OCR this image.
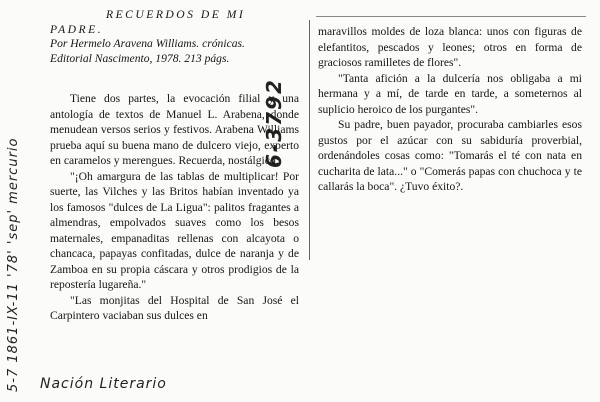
5-7 1861-IX-11 '78' 'sep' mercurio
6-3792
RECUERDOS DE MI PADRE.
Por Hermelo Aravena Williams. crónicas. Editorial Nascimento, 1978. 213 págs.

Tiene dos partes, la evocación filial y una antología de textos de Manuel L. Arabena, donde menudean versos serios y festivos. Arabena Williams prueba aquí su buena mano de dulcero viejo, experto en caramelos y merengues. Recuerda, nostálgico:

"¡Oh amargura de las tablas de multiplicar! Por suerte, las Vilches y las Britos habían inventado ya los famosos "dulces de La Ligua": palitos fragantes a almendras, empolvados suaves como los besos maternales, empanaditas rellenas con alcayota o chancaca, papayas confitadas, dulce de naranja y de Zamboa en su propia cáscara y otros prodigios de la repostería lugareña."

"Las monjitas del Hospital de San José el Carpintero vaciaban sus dulces en

maravillos moldes de loza blanca: unos con figuras de elefantitos, pescados y leones; otros en forma de graciosos ramilletes de flores".

"Tanta afición a la dulcería nos obligaba a mi hermana y a mí, de tarde en tarde, a someternos al suplicio heroico de los purgantes".

Su padre, buen payador, procuraba cambiarles esos gustos por el azúcar con su sabiduría proverbial, ordenándoles cosas como: "Tomarás el té con nata en cucharita de lata..." o "Comerás papas con chuchoca y te callarás la boca". ¿Tuvo éxito?.

Nación Literario
